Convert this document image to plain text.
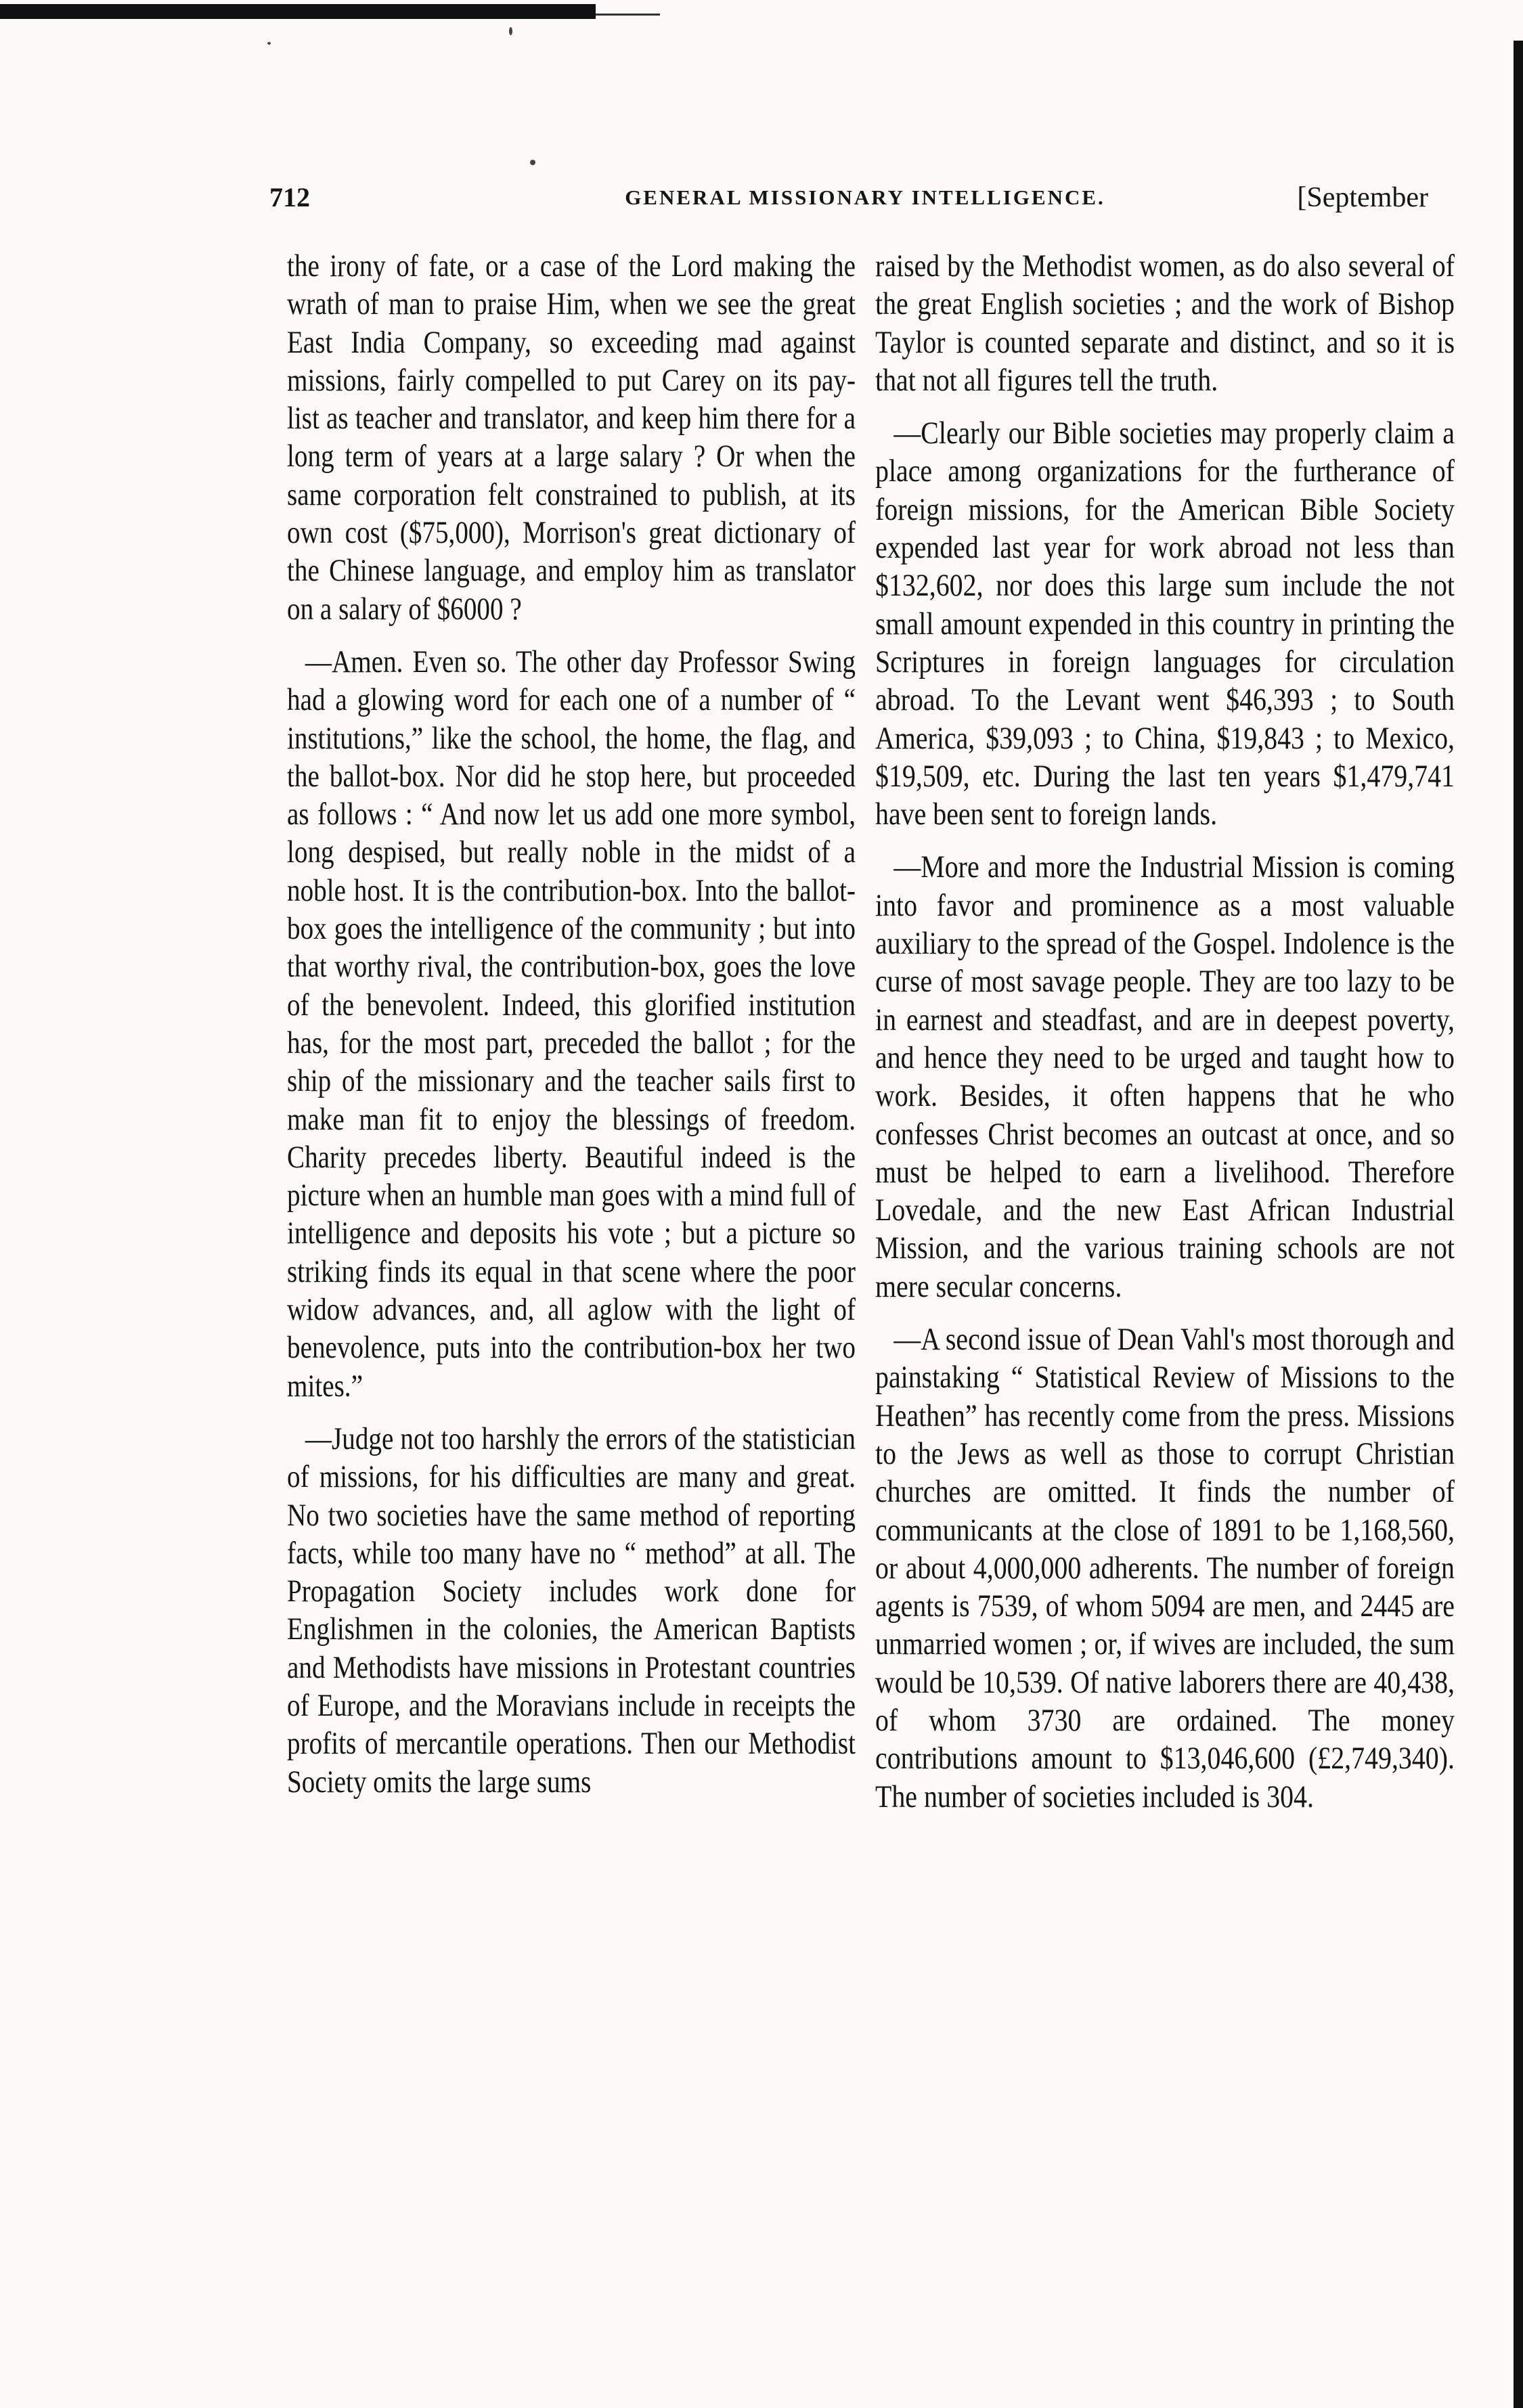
712	GENERAL MISSIONARY INTELLIGENCE.	[September

the irony of fate, or a case of the Lord making the wrath of man to praise Him, when we see the great East India Company, so exceeding mad against missions, fairly compelled to put Carey on its pay-list as teacher and translator, and keep him there for a long term of years at a large salary ? Or when the same corporation felt constrained to publish, at its own cost ($75,000), Morrison's great dictionary of the Chinese language, and employ him as translator on a salary of $6000 ?

—Amen. Even so. The other day Professor Swing had a glowing word for each one of a number of “ institutions,” like the school, the home, the flag, and the ballot-box. Nor did he stop here, but proceeded as follows : “ And now let us add one more symbol, long despised, but really noble in the midst of a noble host. It is the contribution-box. Into the ballot-box goes the intelligence of the community ; but into that worthy rival, the contribution-box, goes the love of the benevolent. Indeed, this glorified institution has, for the most part, preceded the ballot ; for the ship of the missionary and the teacher sails first to make man fit to enjoy the blessings of freedom. Charity precedes liberty. Beautiful indeed is the picture when an humble man goes with a mind full of intelligence and deposits his vote ; but a picture so striking finds its equal in that scene where the poor widow advances, and, all aglow with the light of benevolence, puts into the contribution-box her two mites.”

—Judge not too harshly the errors of the statistician of missions, for his difficulties are many and great. No two societies have the same method of reporting facts, while too many have no “ method” at all. The Propagation Society includes work done for Englishmen in the colonies, the American Baptists and Methodists have missions in Protestant countries of Europe, and the Moravians include in receipts the profits of mercantile operations. Then our Methodist Society omits the large sums

raised by the Methodist women, as do also several of the great English societies ; and the work of Bishop Taylor is counted separate and distinct, and so it is that not all figures tell the truth.

—Clearly our Bible societies may properly claim a place among organizations for the furtherance of foreign missions, for the American Bible Society expended last year for work abroad not less than $132,602, nor does this large sum include the not small amount expended in this country in printing the Scriptures in foreign languages for circulation abroad. To the Levant went $46,393 ; to South America, $39,093 ; to China, $19,843 ; to Mexico, $19,509, etc. During the last ten years $1,479,741 have been sent to foreign lands.

—More and more the Industrial Mission is coming into favor and prominence as a most valuable auxiliary to the spread of the Gospel. Indolence is the curse of most savage people. They are too lazy to be in earnest and steadfast, and are in deepest poverty, and hence they need to be urged and taught how to work. Besides, it often happens that he who confesses Christ becomes an outcast at once, and so must be helped to earn a livelihood. Therefore Lovedale, and the new East African Industrial Mission, and the various training schools are not mere secular concerns.

—A second issue of Dean Vahl's most thorough and painstaking “ Statistical Review of Missions to the Heathen” has recently come from the press. Missions to the Jews as well as those to corrupt Christian churches are omitted. It finds the number of communicants at the close of 1891 to be 1,168,560, or about 4,000,000 adherents. The number of foreign agents is 7539, of whom 5094 are men, and 2445 are unmarried women ; or, if wives are included, the sum would be 10,539. Of native laborers there are 40,438, of whom 3730 are ordained. The money contributions amount to $13,046,600 (£2,749,340). The number of societies included is 304.
